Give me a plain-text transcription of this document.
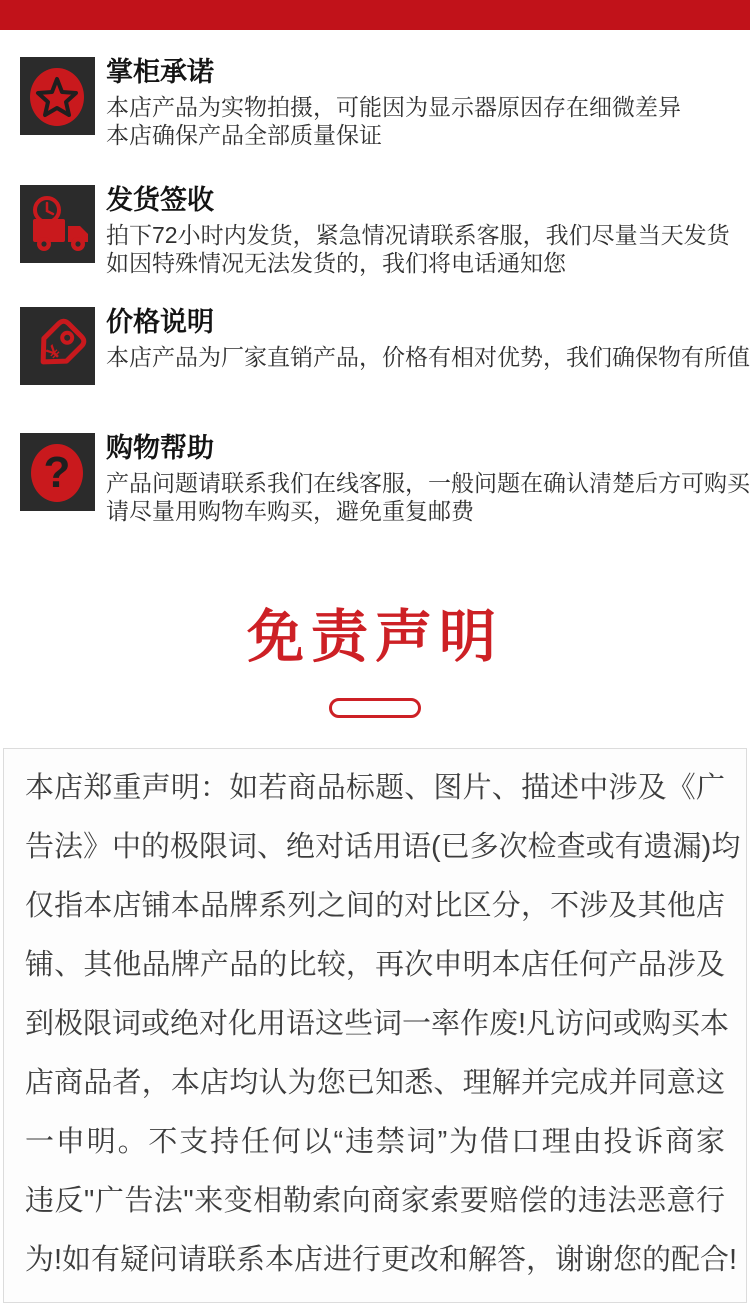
掌柜承诺
本店产品为实物拍摄，可能因为显示器原因存在细微差异
本店确保产品全部质量保证
发货签收
拍下72小时内发货，紧急情况请联系客服，我们尽量当天发货
如因特殊情况无法发货的，我们将电话通知您
¥
价格说明
本店产品为厂家直销产品，价格有相对优势，我们确保物有所值
? 购物帮助
产品问题请联系我们在线客服，一般问题在确认清楚后方可购买
请尽量用购物车购买，避免重复邮费
免责声明
本店郑重声明：如若商品标题、图片、描述中涉及《广
告法》中的极限词、绝对话用语(已多次检查或有遗漏)均
仅指本店铺本品牌系列之间的对比区分，不涉及其他店
铺、其他品牌产品的比较，再次申明本店任何产品涉及
到极限词或绝对化用语这些词一率作废!凡访问或购买本
店商品者，本店均认为您已知悉、理解并完成并同意这
一申明。不支持任何以“违禁词”为借口理由投诉商家
违反"广告法"来变相勒索向商家索要赔偿的违法恶意行
为!如有疑问请联系本店进行更改和解答，谢谢您的配合!
